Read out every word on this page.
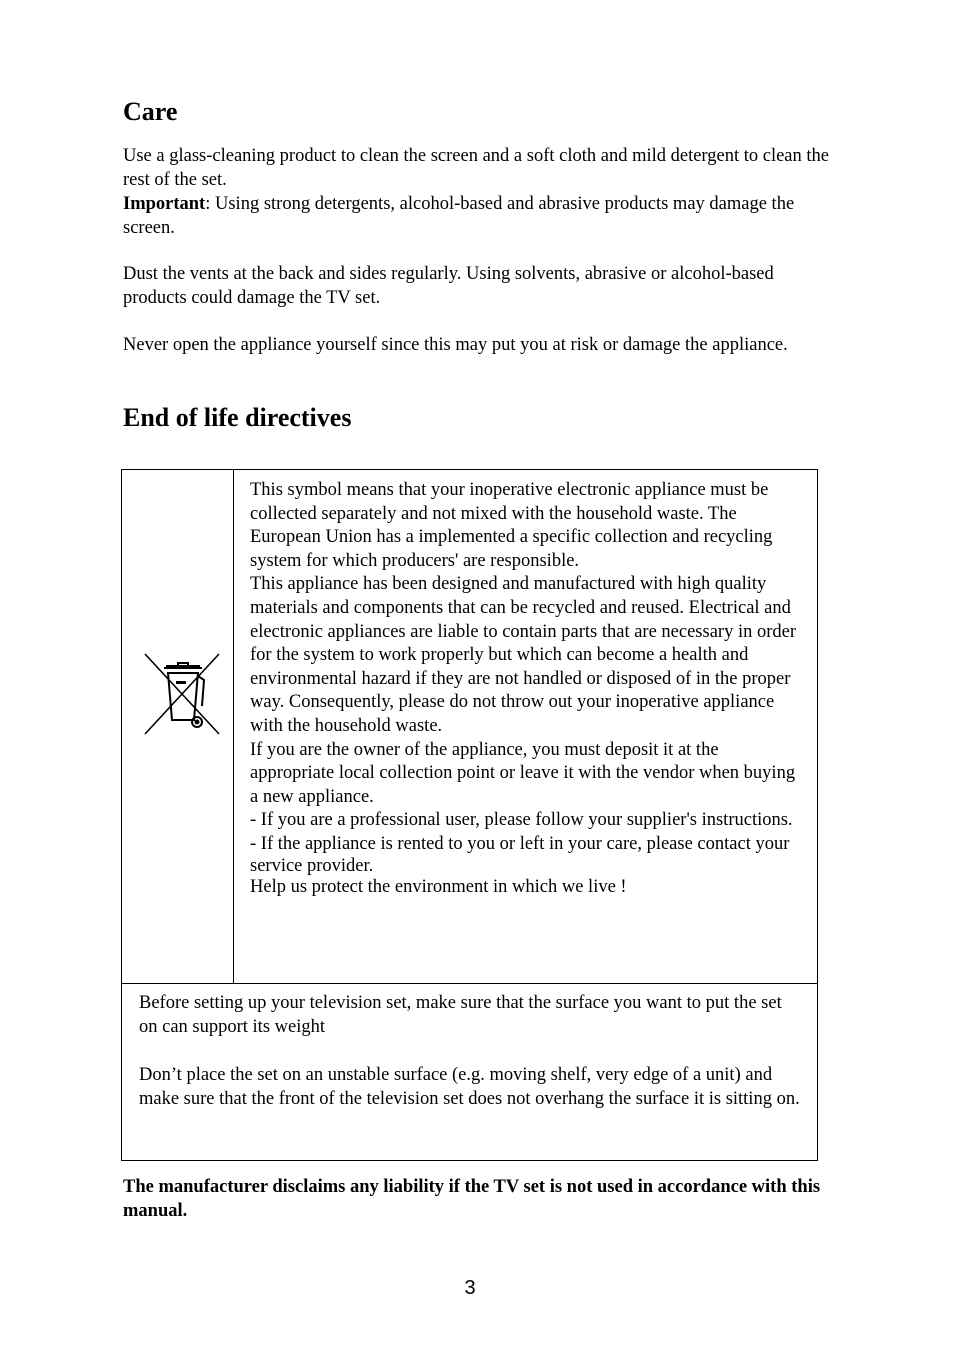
Care

Use a glass-cleaning product to clean the screen and a soft cloth and mild detergent to clean the rest of the set.
Important: Using strong detergents, alcohol-based and abrasive products may damage the screen.

Dust the vents at the back and sides regularly. Using solvents, abrasive or alcohol-based products could damage the TV set.

Never open the appliance yourself since this may put you at risk or damage the appliance.

End of life directives

This symbol means that your inoperative electronic appliance must be collected separately and not mixed with the household waste. The European Union has a implemented a specific collection and recycling system for which producers' are responsible.

This appliance has been designed and manufactured with high quality materials and components that can be recycled and reused. Electrical and electronic appliances are liable to contain parts that are necessary in order for the system to work properly but which can become a health and environmental hazard if they are not handled or disposed of in the proper way. Consequently, please do not throw out your inoperative appliance with the household waste.

If you are the owner of the appliance, you must deposit it at the appropriate local collection point or leave it with the vendor when buying a new appliance.

- If you are a professional user, please follow your supplier's instructions.

- If the appliance is rented to you or left in your care, please contact your service provider.

Help us protect the environment in which we live !

Before setting up your television set, make sure that the surface you want to put the set on can support its weight

Don’t place the set on an unstable surface (e.g. moving shelf, very edge of a unit) and make sure that the front of the television set does not overhang the surface it is sitting on.

The manufacturer disclaims any liability if the TV set is not used in accordance with this manual.
3
